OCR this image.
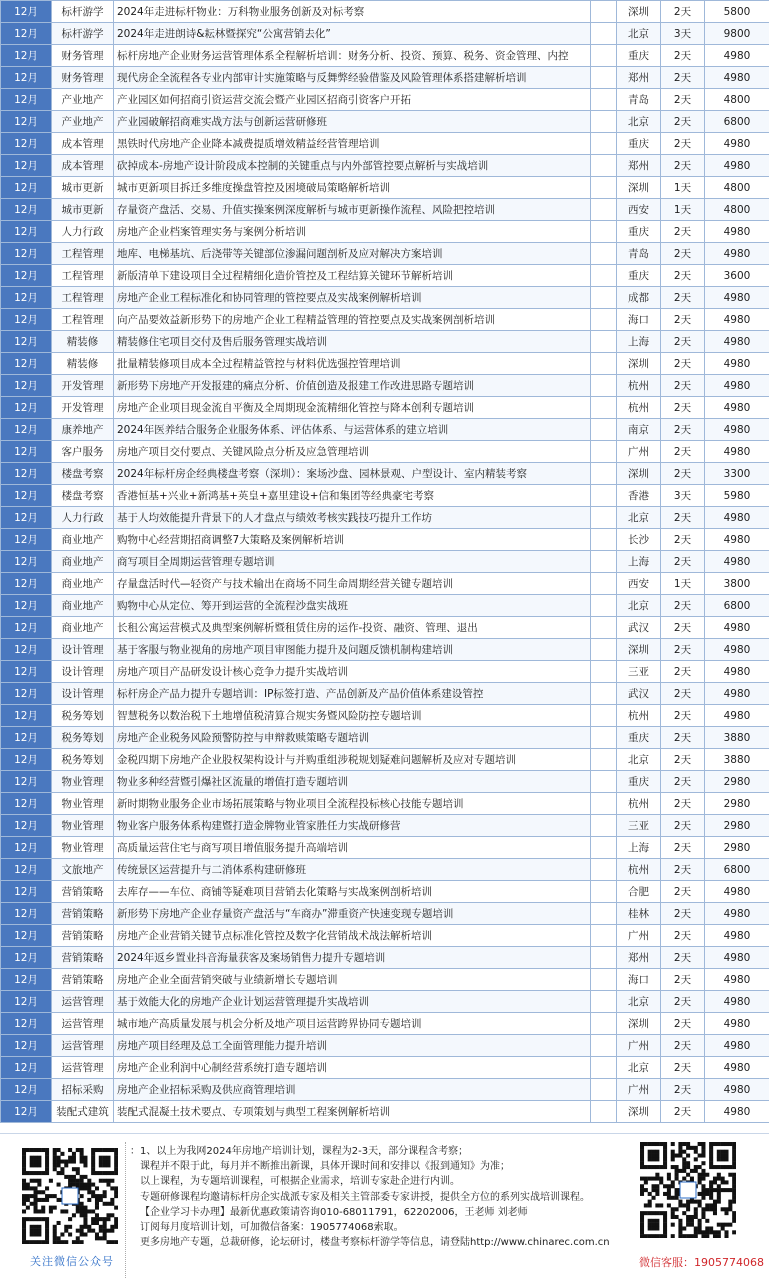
12月	标杆游学	2024年走进标杆物业：万科物业服务创新及对标考察		深圳	2天	5800
12月	标杆游学	2024年走进朗诗&耘林暨探究“公寓营销去化”		北京	3天	9800
12月	财务管理	标杆房地产企业财务运营管理体系全程解析培训：财务分析、投资、预算、税务、资金管理、内控		重庆	2天	4980
12月	财务管理	现代房企全流程各专业内部审计实施策略与反舞弊经验借鉴及风险管理体系搭建解析培训		郑州	2天	4980
12月	产业地产	产业园区如何招商引资运营交流会暨产业园区招商引资客户开拓		青岛	2天	4800
12月	产业地产	产业园破解招商难实战方法与创新运营研修班		北京	2天	6800
12月	成本管理	黑铁时代房地产企业降本减费提质增效精益经营管理培训		重庆	2天	4980
12月	成本管理	砍掉成本-房地产设计阶段成本控制的关键重点与内外部管控要点解析与实战培训		郑州	2天	4980
12月	城市更新	城市更新项目拆迁多维度操盘管控及困境破局策略解析培训		深圳	1天	4800
12月	城市更新	存量资产盘活、交易、升值实操案例深度解析与城市更新操作流程、风险把控培训		西安	1天	4800
12月	人力行政	房地产企业档案管理实务与案例分析培训		重庆	2天	4980
12月	工程管理	地库、电梯基坑、后浇带等关键部位渗漏问题剖析及应对解决方案培训		青岛	2天	4980
12月	工程管理	新版清单下建设项目全过程精细化造价管控及工程结算关键环节解析培训		重庆	2天	3600
12月	工程管理	房地产企业工程标准化和协同管理的管控要点及实战案例解析培训		成都	2天	4980
12月	工程管理	向产品要效益新形势下的房地产企业工程精益管理的管控要点及实战案例剖析培训		海口	2天	4980
12月	精装修	精装修住宅项目交付及售后服务管理实战培训		上海	2天	4980
12月	精装修	批量精装修项目成本全过程精益管控与材料优选强控管理培训		深圳	2天	4980
12月	开发管理	新形势下房地产开发报建的痛点分析、价值创造及报建工作改进思路专题培训		杭州	2天	4980
12月	开发管理	房地产企业项目现金流自平衡及全周期现金流精细化管控与降本创利专题培训		杭州	2天	4980
12月	康养地产	2024年医养结合服务企业服务体系、评估体系、与运营体系的建立培训		南京	2天	4980
12月	客户服务	房地产项目交付要点、关键风险点分析及应急管理培训		广州	2天	4980
12月	楼盘考察	2024年标杆房企经典楼盘考察（深圳）：案场沙盘、园林景观、户型设计、室内精装考察		深圳	2天	3300
12月	楼盘考察	香港恒基+兴业+新鸿基+英皇+嘉里建设+信和集团等经典豪宅考察		香港	3天	5980
12月	人力行政	基于人均效能提升背景下的人才盘点与绩效考核实践技巧提升工作坊		北京	2天	4980
12月	商业地产	购物中心经营期招商调整7大策略及案例解析培训		长沙	2天	4980
12月	商业地产	商写项目全周期运营管理专题培训		上海	2天	4980
12月	商业地产	存量盘活时代—轻资产与技术输出在商场不同生命周期经营关键专题培训		西安	1天	3800
12月	商业地产	购物中心从定位、筹开到运营的全流程沙盘实战班		北京	2天	6800
12月	商业地产	长租公寓运营模式及典型案例解析暨租赁住房的运作-投资、融资、管理、退出		武汉	2天	4980
12月	设计管理	基于客服与物业视角的房地产项目审图能力提升及问题反馈机制构建培训		深圳	2天	4980
12月	设计管理	房地产项目产品研发设计核心竞争力提升实战培训		三亚	2天	4980
12月	设计管理	标杆房企产品力提升专题培训：IP标签打造、产品创新及产品价值体系建设管控		武汉	2天	4980
12月	税务筹划	智慧税务以数治税下土地增值税清算合规实务暨风险防控专题培训		杭州	2天	4980
12月	税务筹划	房地产企业税务风险预警防控与申辩救赎策略专题培训		重庆	2天	3880
12月	税务筹划	金税四期下房地产企业股权架构设计与并购重组涉税规划疑难问题解析及应对专题培训		北京	2天	3880
12月	物业管理	物业多种经营暨引爆社区流量的增值打造专题培训		重庆	2天	2980
12月	物业管理	新时期物业服务企业市场拓展策略与物业项目全流程投标核心技能专题培训		杭州	2天	2980
12月	物业管理	物业客户服务体系构建暨打造金牌物业管家胜任力实战研修营		三亚	2天	2980
12月	物业管理	高质量运营住宅与商写项目增值服务提升高端培训		上海	2天	2980
12月	文旅地产	传统景区运营提升与二消体系构建研修班		杭州	2天	6800
12月	营销策略	去库存——车位、商铺等疑难项目营销去化策略与实战案例剖析培训		合肥	2天	4980
12月	营销策略	新形势下房地产企业存量资产盘活与“车商办”滞重资产快速变现专题培训		桂林	2天	4980
12月	营销策略	房地产企业营销关键节点标准化管控及数字化营销战术战法解析培训		广州	2天	4980
12月	营销策略	2024年返乡置业抖音海量获客及案场销售力提升专题培训		郑州	2天	4980
12月	营销策略	房地产企业全面营销突破与业绩新增长专题培训		海口	2天	4980
12月	运营管理	基于效能大化的房地产企业计划运营管理提升实战培训		北京	2天	4980
12月	运营管理	城市地产高质量发展与机会分析及地产项目运营跨界协同专题培训		深圳	2天	4980
12月	运营管理	房地产项目经理及总工全面管理能力提升培训		广州	2天	4980
12月	运营管理	房地产企业利润中心制经营系统打造专题培训		北京	2天	4980
12月	招标采购	房地产企业招标采购及供应商管理培训		广州	2天	4980
12月	装配式建筑	装配式混凝土技术要点、专项策划与典型工程案例解析培训		深圳	2天	4980
关注微信公众号
：1、以上为我网2024年房地产培训计划，课程为2-3天，部分课程含考察；
课程并不限于此，每月并不断推出新课，具体开课时间和安排以《报到通知》为准；
以上课程，为专题培训课程，可根据企业需求，培训专家赴企进行内训。
专题研修课程均邀请标杆房企实战派专家及相关主管部委专家讲授，提供全方位的系列实战培训课程。
【企业学习卡办理】最新优惠政策请咨询010-68011791，62202006，王老师 刘老师
订阅每月度培训计划，可加微信备案：19057740​68索取。
更多房地产专题，总裁研修，论坛研讨，楼盘考察标杆游学等信息，请登陆http://www.chinarec.com.cn
微信客服：19057740​68
